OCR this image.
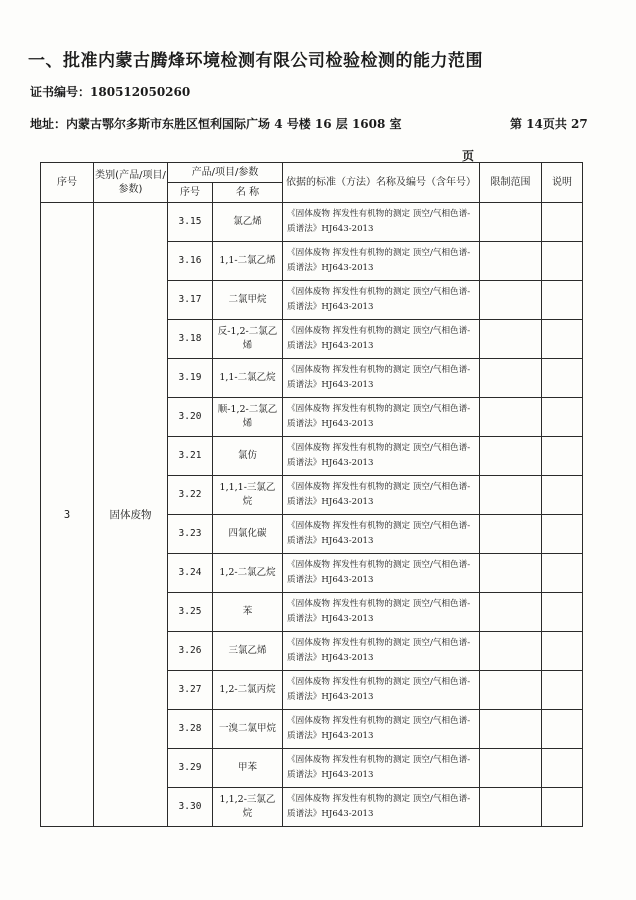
一、批准内蒙古腾烽环境检测有限公司检验检测的能力范围
证书编号：180512050260
地址：内蒙古鄂尔多斯市东胜区恒利国际广场 4 号楼 16 层 1608 室	第 14页共 27
页
序号	类别(产品/项目/参数)	产品/项目/参数		依据的标准（方法）名称及编号（含年号）	限制范围	说明
		序号	名 称			
3	固体废物	3.15	氯乙烯	《固体废物 挥发性有机物的测定 顶空/气相色谱-质谱法》HJ643-2013		
		3.16	1,1-二氯乙烯	《固体废物 挥发性有机物的测定 顶空/气相色谱-质谱法》HJ643-2013		
		3.17	二氯甲烷	《固体废物 挥发性有机物的测定 顶空/气相色谱-质谱法》HJ643-2013		
		3.18	反-1,2-二氯乙烯	《固体废物 挥发性有机物的测定 顶空/气相色谱-质谱法》HJ643-2013		
		3.19	1,1-二氯乙烷	《固体废物 挥发性有机物的测定 顶空/气相色谱-质谱法》HJ643-2013		
		3.20	顺-1,2-二氯乙烯	《固体废物 挥发性有机物的测定 顶空/气相色谱-质谱法》HJ643-2013		
		3.21	氯仿	《固体废物 挥发性有机物的测定 顶空/气相色谱-质谱法》HJ643-2013		
		3.22	1,1,1-三氯乙烷	《固体废物 挥发性有机物的测定 顶空/气相色谱-质谱法》HJ643-2013		
		3.23	四氯化碳	《固体废物 挥发性有机物的测定 顶空/气相色谱-质谱法》HJ643-2013		
		3.24	1,2-二氯乙烷	《固体废物 挥发性有机物的测定 顶空/气相色谱-质谱法》HJ643-2013		
		3.25	苯	《固体废物 挥发性有机物的测定 顶空/气相色谱-质谱法》HJ643-2013		
		3.26	三氯乙烯	《固体废物 挥发性有机物的测定 顶空/气相色谱-质谱法》HJ643-2013		
		3.27	1,2-二氯丙烷	《固体废物 挥发性有机物的测定 顶空/气相色谱-质谱法》HJ643-2013		
		3.28	一溴二氯甲烷	《固体废物 挥发性有机物的测定 顶空/气相色谱-质谱法》HJ643-2013		
		3.29	甲苯	《固体废物 挥发性有机物的测定 顶空/气相色谱-质谱法》HJ643-2013		
		3.30	1,1,2-三氯乙烷	《固体废物 挥发性有机物的测定 顶空/气相色谱-质谱法》HJ643-2013		
